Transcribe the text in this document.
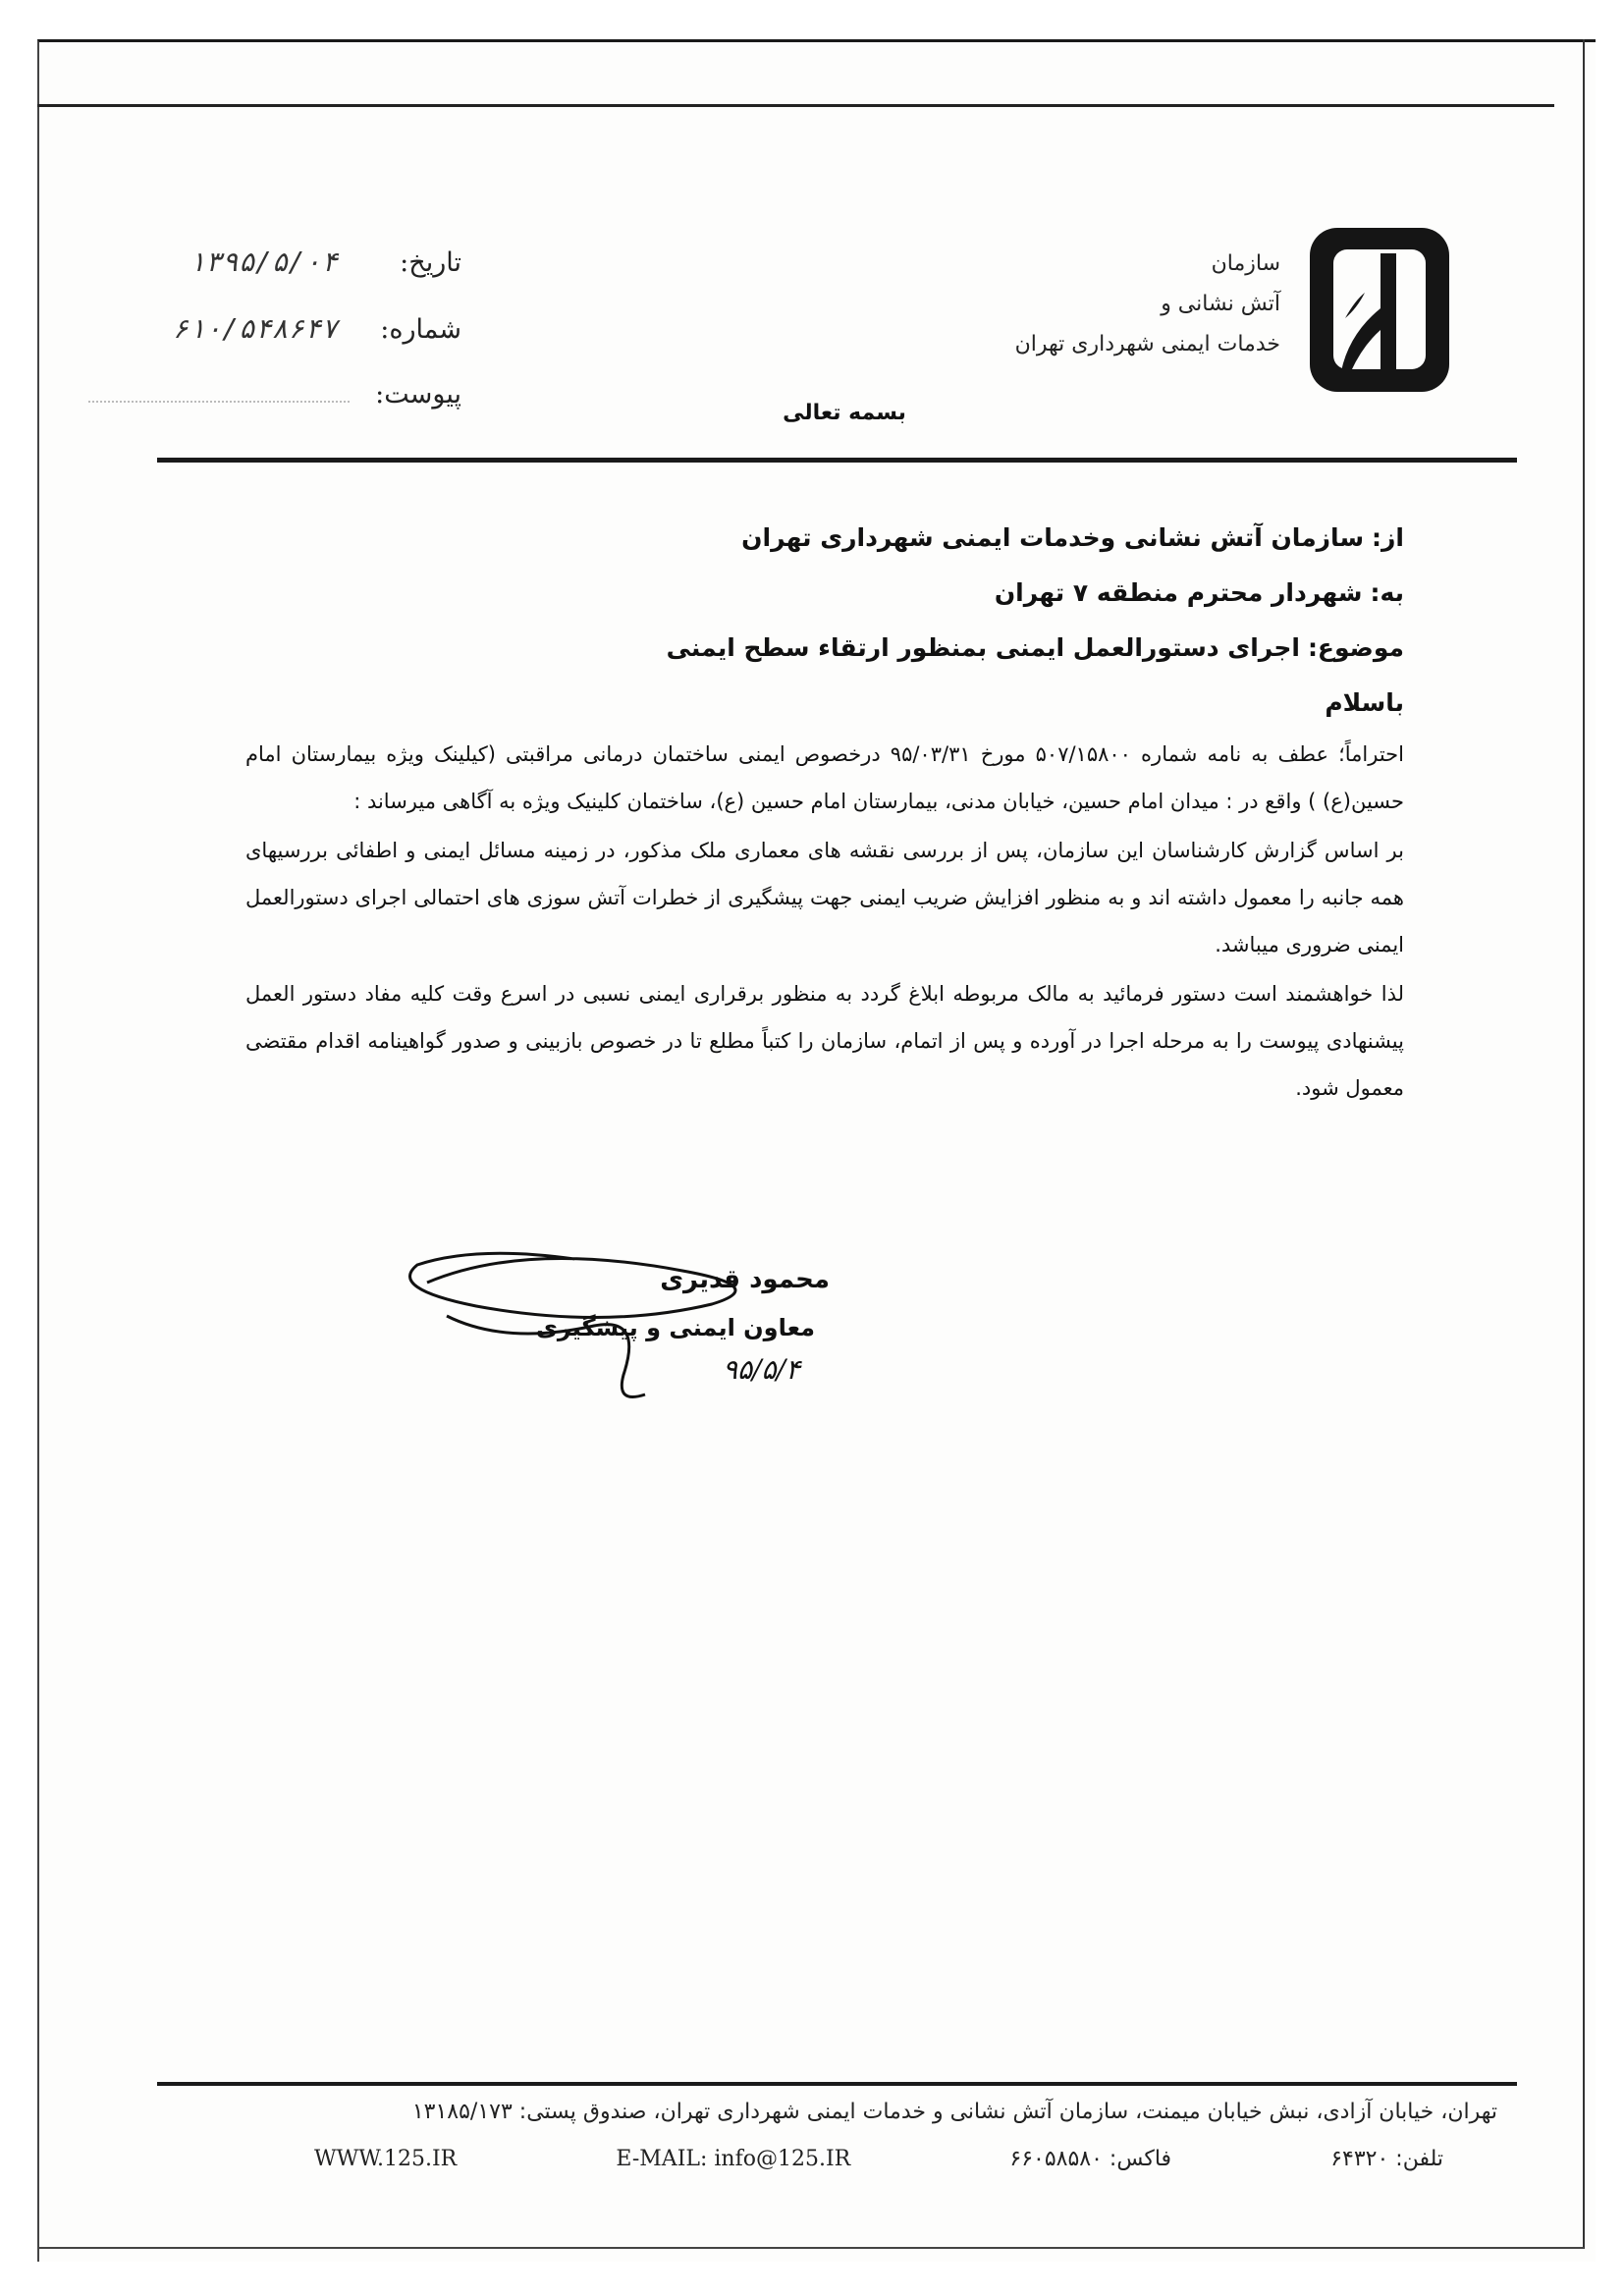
سازمان
آتش نشانی و
خدمات ایمنی شهرداری تهران
تاریخ:
۱۳۹۵/۵/۰۴
شماره:
۶۱۰/۵۴۸۶۴۷
پیوست:
بسمه تعالی
از:سازمان آتش نشانی وخدمات ایمنی شهرداری تهران
به:شهردار محترم منطقه ۷ تهران
موضوع:اجرای دستورالعمل ایمنی بمنظور ارتقاء سطح ایمنی
باسلام

احتراماً؛ عطف به نامه شماره ۵۰۷/۱۵۸۰۰ مورخ ۹۵/۰۳/۳۱ درخصوص ایمنی ساختمان درمانی مراقبتی (کیلینک ویژه بیمارستان امام حسین(ع) ) واقع در : میدان امام حسین، خیابان مدنی، بیمارستان امام حسین (ع)، ساختمان کلینیک ویژه به آگاهی میرساند :

بر اساس گزارش کارشناسان این سازمان، پس از بررسی نقشه های معماری ملک مذکور، در زمینه مسائل ایمنی و اطفائی بررسیهای همه جانبه را معمول داشته اند و به منظور افزایش ضریب ایمنی جهت پیشگیری از خطرات آتش سوزی های احتمالی اجرای دستورالعمل ایمنی ضروری میباشد.

لذا خواهشمند است دستور فرمائید به مالک مربوطه ابلاغ گردد به منظور برقراری ایمنی نسبی در اسرع وقت کلیه مفاد دستور العمل پیشنهادی پیوست را به مرحله اجرا در آورده و پس از اتمام، سازمان را کتباً مطلع تا در خصوص بازبینی و صدور گواهینامه اقدام مقتضی معمول شود.

محمود قدیری
معاون ایمنی و پیشگیری
۹۵/۵/۴
تهران، خیابان آزادی، نبش خیابان میمنت، سازمان آتش نشانی و خدمات ایمنی شهرداری تهران، صندوق پستی: ۱۳۱۸۵/۱۷۳
تلفن: ۶۴۳۲۰
فاکس: ۶۶۰۵۸۵۸۰
E-MAIL: info@125.IR
WWW.125.IR
